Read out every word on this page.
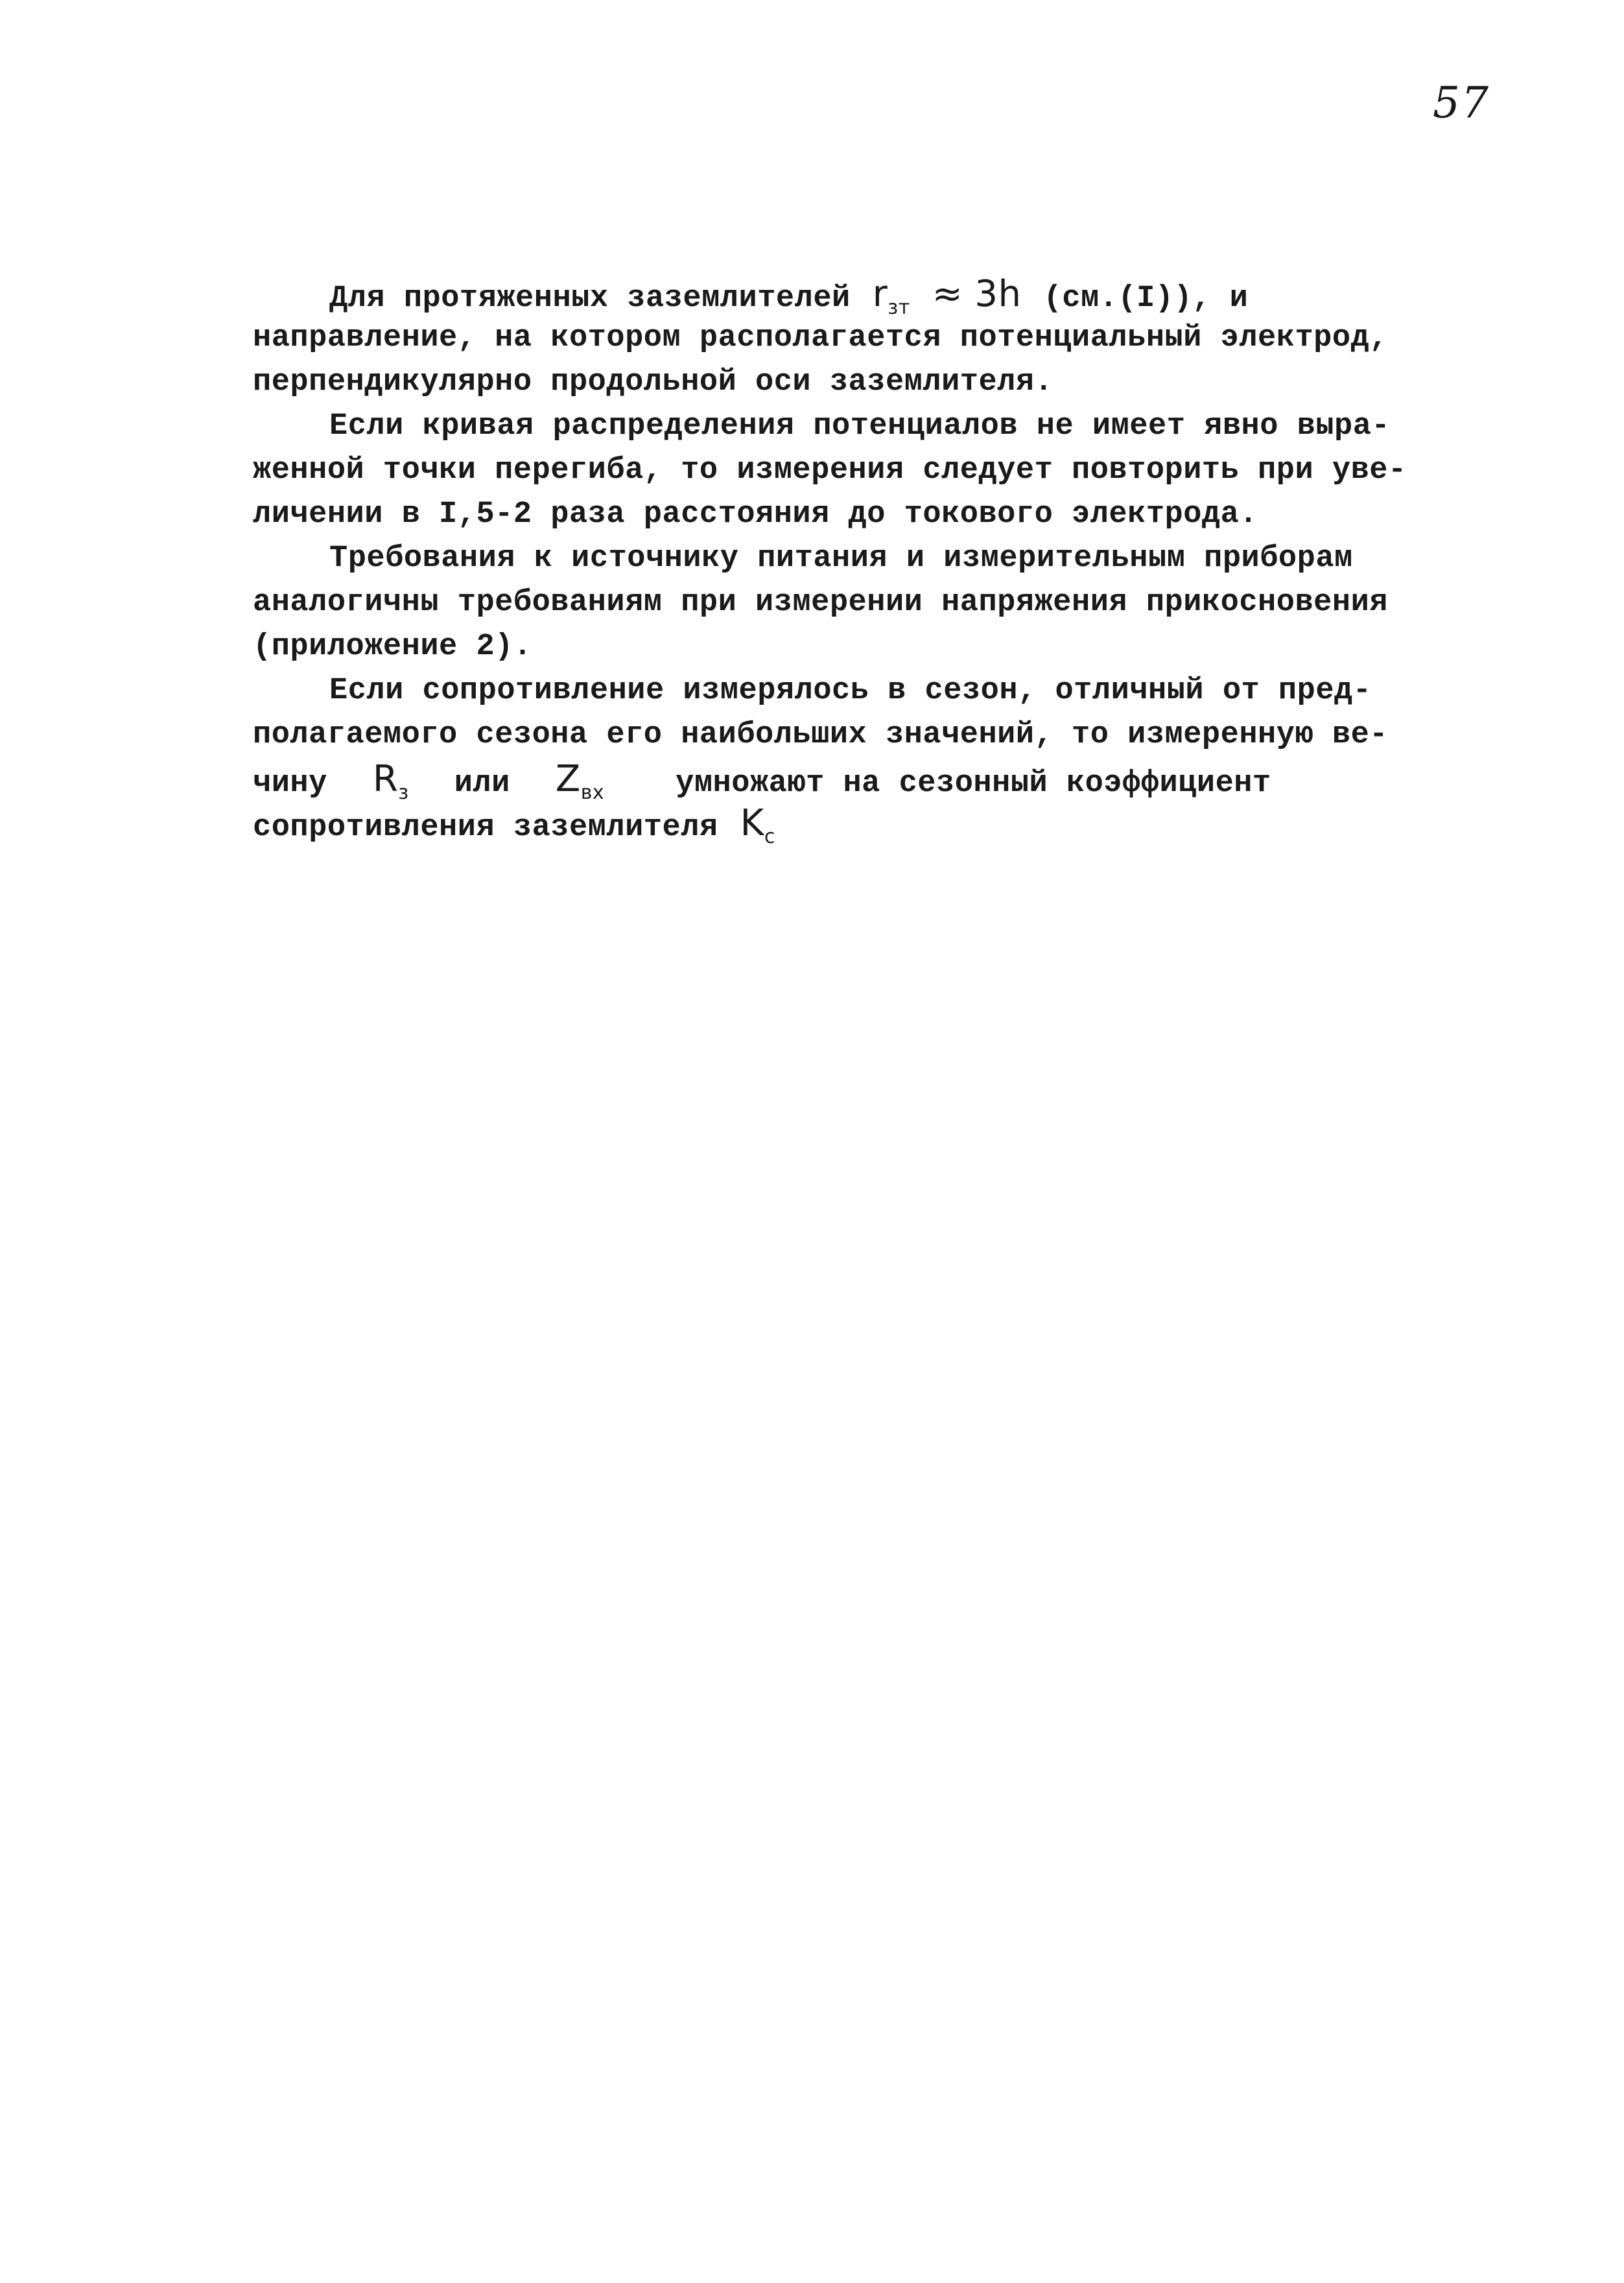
57
Для протяженных заземлителей $r_{зт} \approx 3h$ (см.(I)), и
направление, на котором располагается потенциальный электрод,
перпендикулярно продольной оси заземлителя.
Если кривая распределения потенциалов не имеет явно выра-
женной точки перегиба, то измерения следует повторить при уве-
личении в I,5-2 раза расстояния до токового электрода.
Требования к источнику питания и измерительным приборам
аналогичны требованиям при измерении напряжения прикосновения
(приложение 2).
Если сопротивление измерялось в сезон, отличный от пред-
полагаемого сезона его наибольших значений, то измеренную ве-
чину $R_з$ или $Z_{вх}$ умножают на сезонный коэффициент
сопротивления заземлителя $K_с$
